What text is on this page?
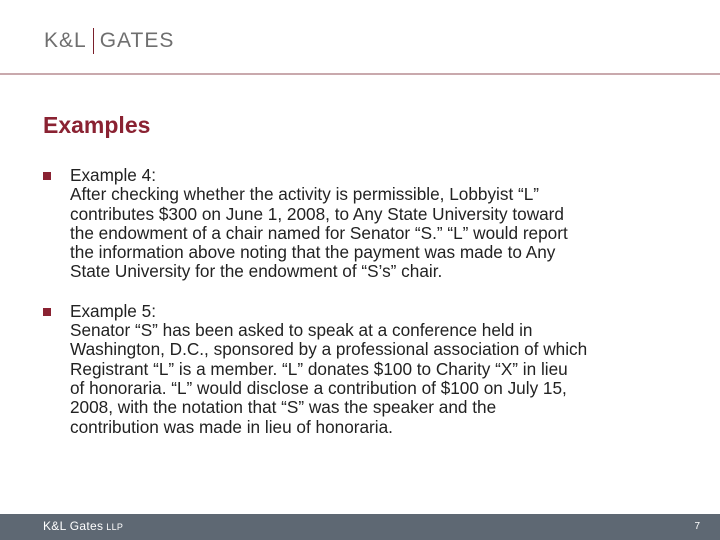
K&L GATES
Examples
Example 4:
After checking whether the activity is permissible, Lobbyist “L”
contributes $300 on June 1, 2008, to Any State University toward
the endowment of a chair named for Senator “S.” “L” would report
the information above noting that the payment was made to Any
State University for the endowment of “S’s” chair.
Example 5:
Senator “S” has been asked to speak at a conference held in
Washington, D.C., sponsored by a professional association of which
Registrant “L” is a member. “L” donates $100 to Charity “X” in lieu
of honoraria. “L” would disclose a contribution of $100 on July 15,
2008, with the notation that “S” was the speaker and the
contribution was made in lieu of honoraria.
K&L Gates LLP	7
